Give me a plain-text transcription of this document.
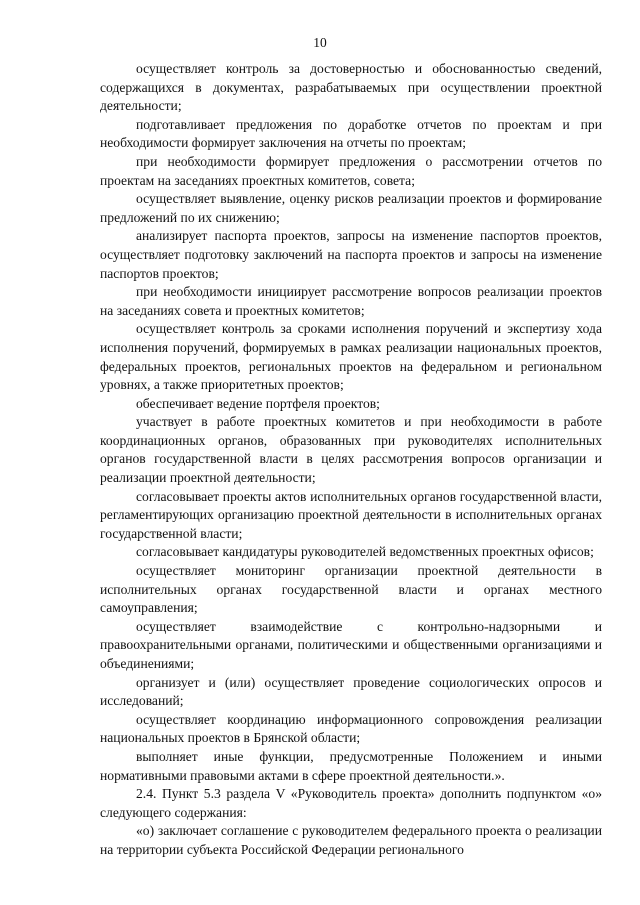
10

осуществляет контроль за достоверностью и обоснованностью сведений, содержащихся в документах, разрабатываемых при осуществлении проектной деятельности;

подготавливает предложения по доработке отчетов по проектам и при необходимости формирует заключения на отчеты по проектам;

при необходимости формирует предложения о рассмотрении отчетов по проектам на заседаниях проектных комитетов, совета;

осуществляет выявление, оценку рисков реализации проектов и формирование предложений по их снижению;

анализирует паспорта проектов, запросы на изменение паспортов проектов, осуществляет подготовку заключений на паспорта проектов и запросы на изменение паспортов проектов;

при необходимости инициирует рассмотрение вопросов реализации проектов на заседаниях совета и проектных комитетов;

осуществляет контроль за сроками исполнения поручений и экспертизу хода исполнения поручений, формируемых в рамках реализации национальных проектов, федеральных проектов, региональных проектов на федеральном и региональном уровнях, а также приоритетных проектов;

обеспечивает ведение портфеля проектов;

участвует в работе проектных комитетов и при необходимости в работе координационных органов, образованных при руководителях исполнительных органов государственной власти в целях рассмотрения вопросов организации и реализации проектной деятельности;

согласовывает проекты актов исполнительных органов государственной власти, регламентирующих организацию проектной деятельности в исполнительных органах государственной власти;

согласовывает кандидатуры руководителей ведомственных проектных офисов;

осуществляет мониторинг организации проектной деятельности в исполнительных органах государственной власти и органах местного самоуправления;

осуществляет взаимодействие с контрольно-надзорными и правоохранительными органами, политическими и общественными организациями и объединениями;

организует и (или) осуществляет проведение социологических опросов и исследований;

осуществляет координацию информационного сопровождения реализации национальных проектов в Брянской области;

выполняет иные функции, предусмотренные Положением и иными нормативными правовыми актами в сфере проектной деятельности.».

2.4. Пункт 5.3 раздела V «Руководитель проекта» дополнить подпунктом «о» следующего содержания:

«о) заключает соглашение с руководителем федерального проекта о реализации на территории субъекта Российской Федерации регионального
